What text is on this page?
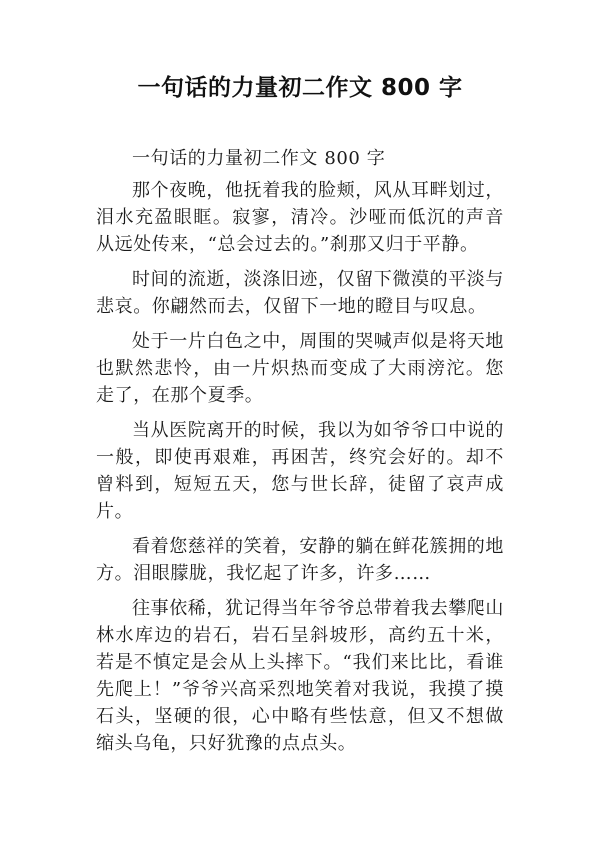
一句话的力量初二作文 800 字

一句话的力量初二作文 800 字

那个夜晚，他抚着我的脸颊，风从耳畔划过，泪水充盈眼眶。寂寥，清冷。沙哑而低沉的声音从远处传来，“总会过去的。”刹那又归于平静。

时间的流逝，淡涤旧迹，仅留下微漠的平淡与悲哀。你翩然而去，仅留下一地的瞪目与叹息。

处于一片白色之中，周围的哭喊声似是将天地也默然悲怜，由一片炽热而变成了大雨滂沱。您走了，在那个夏季。

当从医院离开的时候，我以为如爷爷口中说的一般，即使再艰难，再困苦，终究会好的。却不曾料到，短短五天，您与世长辞，徒留了哀声成片。

看着您慈祥的笑着，安静的躺在鲜花簇拥的地方。泪眼朦胧，我忆起了许多，许多……

往事依稀，犹记得当年爷爷总带着我去攀爬山林水库边的岩石，岩石呈斜坡形，高约五十米，若是不慎定是会从上头摔下。“我们来比比，看谁先爬上！”爷爷兴高采烈地笑着对我说，我摸了摸石头，坚硬的很，心中略有些怯意，但又不想做缩头乌龟，只好犹豫的点点头。
